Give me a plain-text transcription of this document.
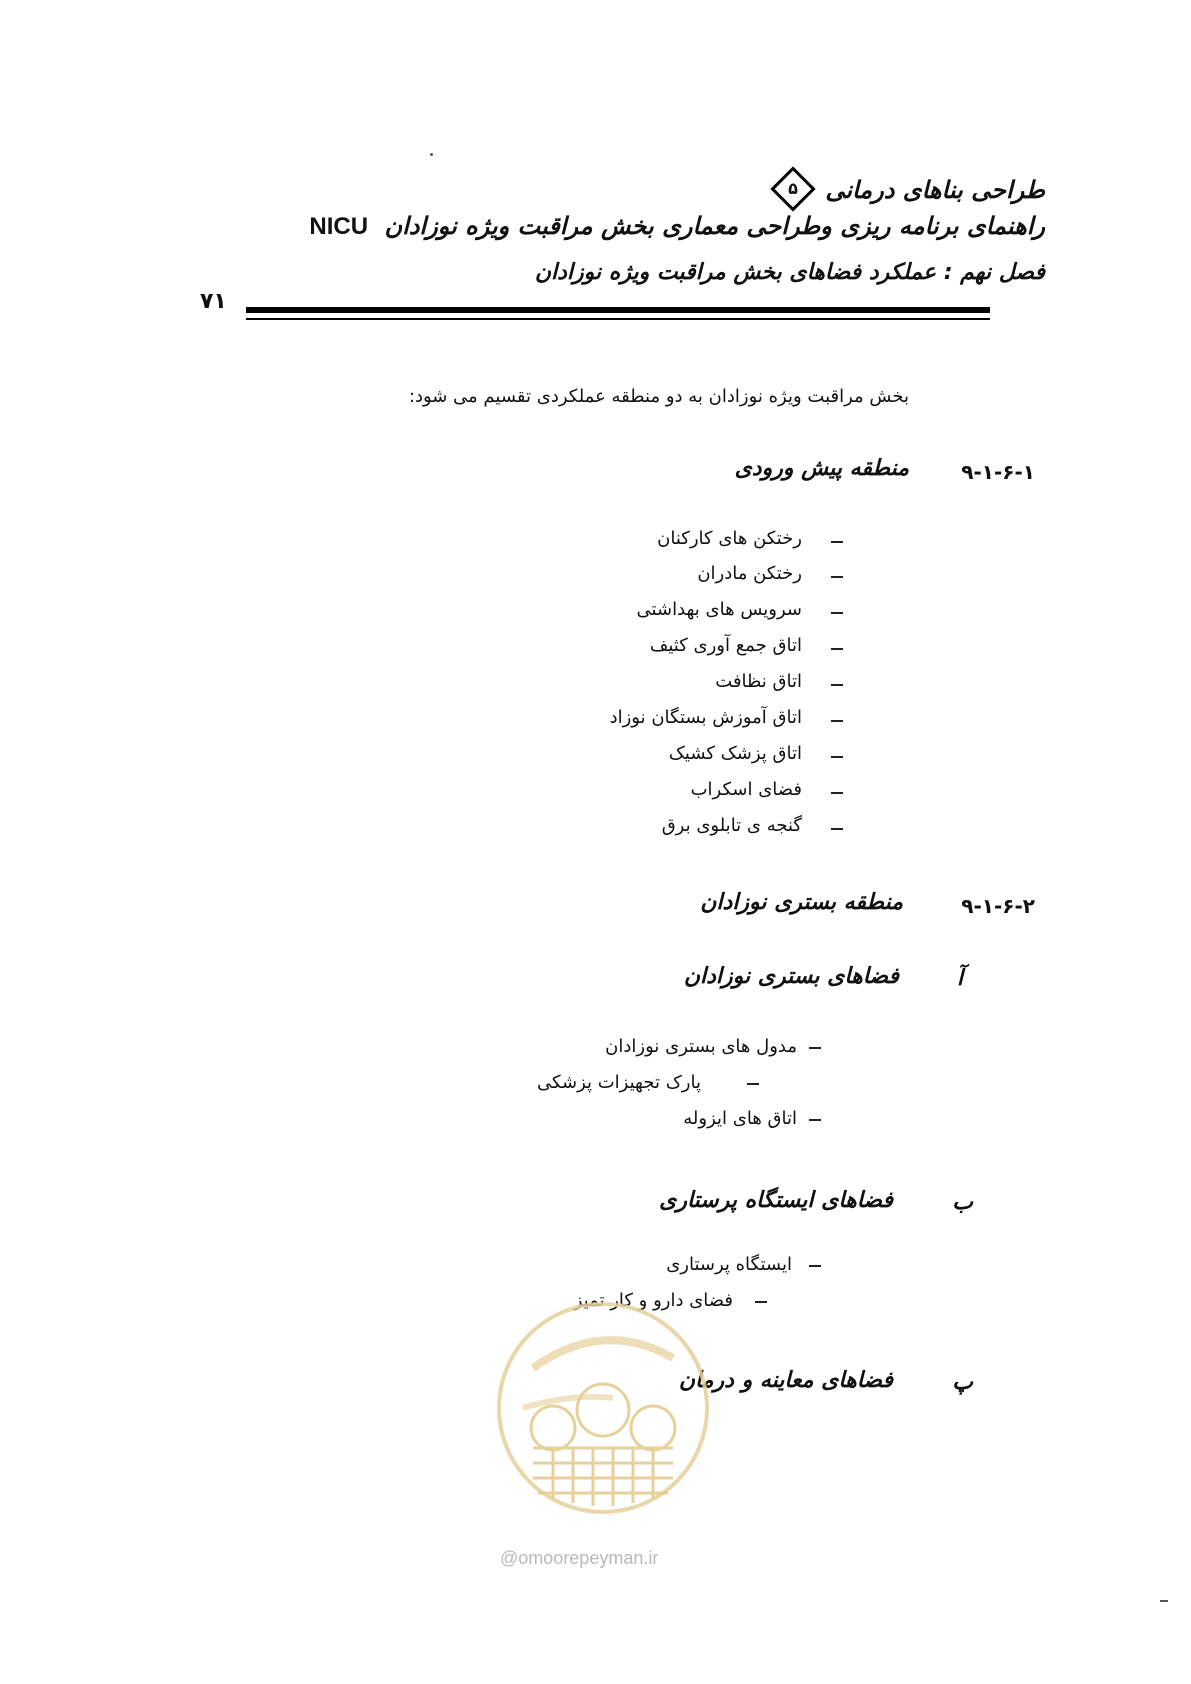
طراحی بناهای درمانی
۵
راهنمای برنامه ریزی وطراحی معماری بخش مراقبت ویژه نوزادان NICU
فصل نهم : عملکرد فضاهای بخش مراقبت ویژه نوزادان
۷۱
بخش مراقبت ویژه نوزادان به دو منطقه عملکردی تقسیم می شود:
۹-۱-۶-۱
منطقه پیش ورودی
رختکن های کارکنان
رختکن مادران
سرویس های بهداشتی
اتاق جمع آوری کثیف
اتاق نظافت
اتاق آموزش بستگان نوزاد
اتاق پزشک کشیک
فضای اسکراب
گنجه ی تابلوی برق
۹-۱-۶-۲
منطقه بستری نوزادان
آ
فضاهای بستری نوزادان
مدول های بستری نوزادان
پارک تجهیزات پزشکی
اتاق های ایزوله
ب
فضاهای ایستگاه پرستاری
ایستگاه پرستاری
فضای دارو و کار تمیز
پ
فضاهای معاینه و درمان
@omoorepeyman.ir
